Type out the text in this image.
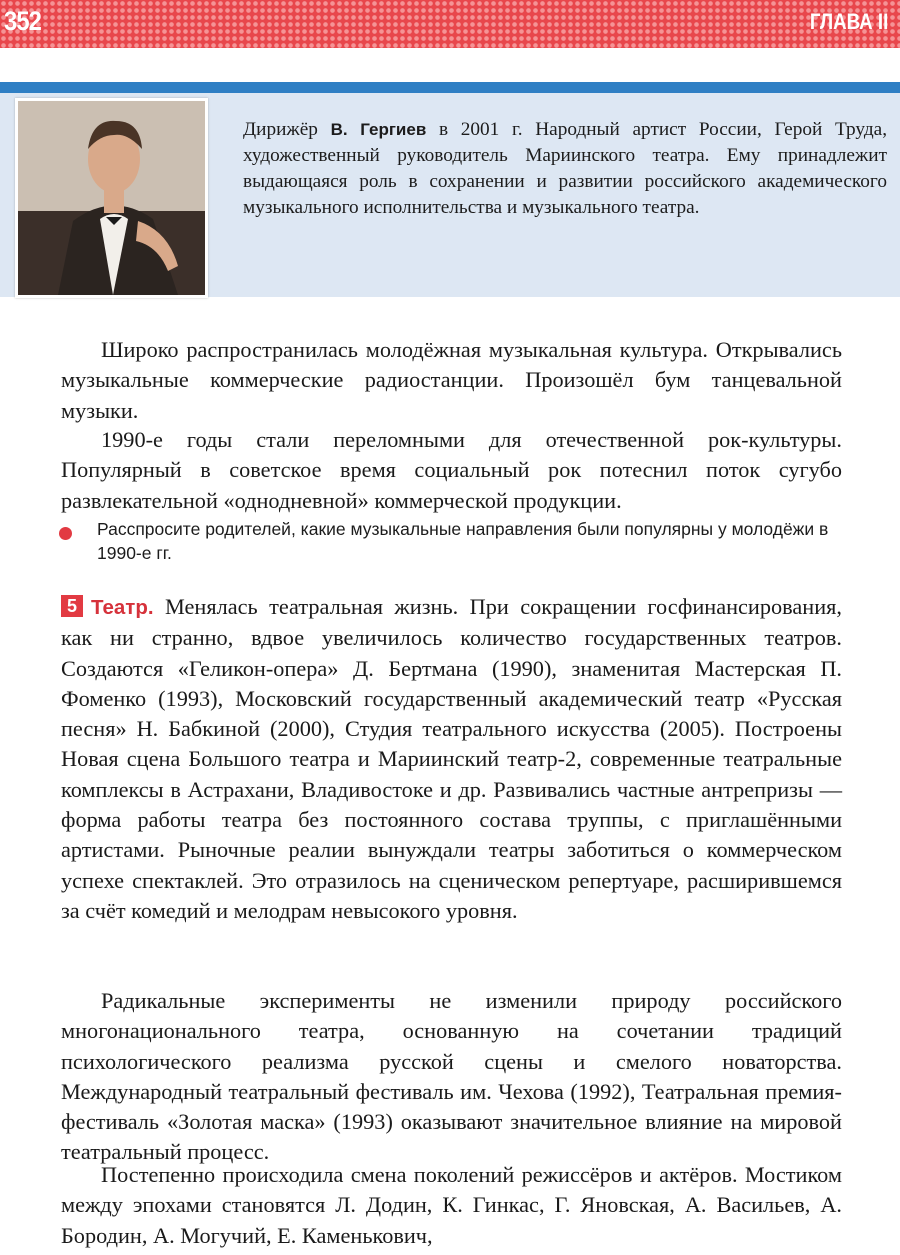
352	ГЛАВА II
Дирижёр В. Гергиев в 2001 г. Народный артист России, Герой Труда, художественный руководитель Мариинского театра. Ему принадлежит выдающаяся роль в сохранении и развитии российского академического музыкального исполнительства и музыкального театра.
Широко распространилась молодёжная музыкальная культура. Открывались музыкальные коммерческие радиостанции. Произошёл бум танцевальной музыки.
1990-е годы стали переломными для отечественной рок-культуры. Популярный в советское время социальный рок потеснил поток сугубо развлекательной «однодневной» коммерческой продукции.
Расспросите родителей, какие музыкальные направления были популярны у молодёжи в 1990-е гг.
5 Театр. Менялась театральная жизнь. При сокращении госфинансирования, как ни странно, вдвое увеличилось количество государственных театров. Создаются «Геликон-опера» Д. Бертмана (1990), знаменитая Мастерская П. Фоменко (1993), Московский государственный академический театр «Русская песня» Н. Бабкиной (2000), Студия театрального искусства (2005). Построены Новая сцена Большого театра и Мариинский театр-2, современные театральные комплексы в Астрахани, Владивостоке и др. Развивались частные антрепризы — форма работы театра без постоянного состава труппы, с приглашёнными артистами. Рыночные реалии вынуждали театры заботиться о коммерческом успехе спектаклей. Это отразилось на сценическом репертуаре, расширившемся за счёт комедий и мелодрам невысокого уровня.
Радикальные эксперименты не изменили природу российского многонационального театра, основанную на сочетании традиций психологического реализма русской сцены и смелого новаторства. Международный театральный фестиваль им. Чехова (1992), Театральная премия-фестиваль «Золотая маска» (1993) оказывают значительное влияние на мировой театральный процесс.
Постепенно происходила смена поколений режиссёров и актёров. Мостиком между эпохами становятся Л. Додин, К. Гинкас, Г. Яновская, А. Васильев, А. Бородин, А. Могучий, Е. Каменькович,
